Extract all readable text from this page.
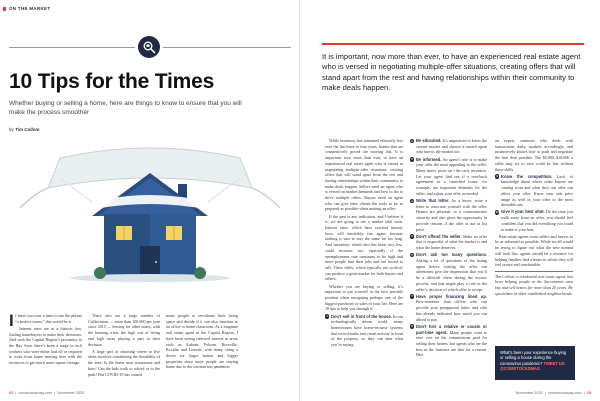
ON THE MARKET
10 Tips for the Times
Whether buying or selling a home, here are things to know to ensure that you will make the process smoother
by Tim Collom

If there was ever a time to use the phrase “a perfect storm,” this would be it.

Interest rates are at a historic low, finding homebuyers to make their decisions. And with the Capital Region’s proximity to the Bay Area, there’s been a surge in tech workers who were either laid off or required to work from home moving here with the resources to get much more square footage.

There also are a large number of Californians — more than 100,000 per year since 2015 — leaving for other states, with the housing crisis, the high cost of living and high taxes playing a part in their decision.

A large part of choosing where to live often involves considering the liveability of the area. Is the home near restaurants and bars? Can the kids walk to school or to the park? But COVID-19 has caused

many people to reevaluate their living space and decide if it can also function as an office or home classroom. As a longtime real estate agent in the Capital Region, I have been seeing renewed interest in areas such as Auburn, Folsom, Roseville, Rocklin and Lincoln, with many citing a desire for larger homes and bigger properties since more people are staying home due to the coronavirus pandemic.

22  |  comstocksmag.com  |  November 2020
It is important, now more than ever, to have an experienced real estate agent who is versed in negotiating multiple-offer situations, creating offers that will stand apart from the rest and having relationships within their community to make deals happen.

While inventory has remained relatively low over the last three to four years, homes that are competitively priced are moving fast. It is important, now more than ever, to have an experienced real estate agent who is versed in negotiating multiple-offer situations, creating offers that will stand apart from the rest and having relationships within their community to make deals happen. Sellers need an agent who is versed on market demands and how to list to drive multiple offers. Buyers need an agent who can give their clients the tools to be as prepared as possible when making an offer.

If the past is any indication, and I believe it is, we are going to see a market shift soon. Interest rates, which have reached historic lows, will inevitably rise again, because nothing is sure to stay the same for too long. And inventory, which also has been very low, could increase too, especially if the unemployment rate continues to be high and more people lose their jobs and are forced to sell. These shifts, which typically are cyclical, can produce a great market for both buyers and sellers.

Whether you are buying or selling, it’s important to put yourself in the best possible position when navigating perhaps one of the biggest purchases or sales of your life. Here are 10 tips to help you through it.

1 Don’t sell in front of the house. In our technologically driven world, many homeowners have home-security systems that record audio and visual activity in front of the property, so they can hear what you’re saying.

2 Be educated. It’s imperative to know the current market and choose a trusted agent who knows the market too.

3 Be informed. An agent’s role is to make your offer the most appealing to the seller. Many times, price isn’t the only incentive. Let your agent find out if a rent-back agreement or a furnished home, for example, are important elements for the seller, and adjust your offer as needed.

4 Write that letter. As a buyer, write a letter to associate yourself with the offer. Homes are personal, so it communicates sincerity and also gives the opportunity to provide reasons if the offer is not at list price.

5 Don’t offend the seller. Make an offer that is respectful of what the market is and what the home deserves.

6 Don’t ask too many questions. Asking a lot of questions of the listing agent before writing the offer can oftentimes give the impression that you’d be a difficult client during the escrow process, and that might play a role in the seller’s decision of which offer to accept.

7 Have proper financing lined up. First-trimester loan officer who can provide your preapproval letter, and who has already indicated how much you can afford to pay.

8 Don’t hire a relative or cousin or part-time agent. Many people want to save cost on the commissions paid for selling their homes, but agents who are the best in the business are that for a reason. Hire

an expert, someone who deals with transactions daily, markets accordingly, and instinctively knows how to push and negotiate the best deal possible. The $5,000–$10,000 a seller may try to save could be lost without these skills.

9 Know the competition. Lack of knowledge about where other buyers are coming from and what they can offer can affect your offer. Know your sale price range as well as your offer to the most desirable one.

10 Give it your best shot. Do the time you walk away from an offer, you should feel confident that you did everything you could to make it your best.

Real estate agents want sellers and buyers to be as informed as possible. While we all would be trying to figure out what the new normal will look like, agents should be a resource for helping families find a home in which they will feel secure and comfortable.

Tim Collom, a residential real estate agent, has been helping people in the Sacramento area buy and sell homes for more than 20 years. He specializes in older established neighborhoods.

What’s been your experience buying or selling a house during the coronavirus pandemic? TWEET US @COMSTOCKSMAG
November 2020  |  comstocksmag.com  |  23
